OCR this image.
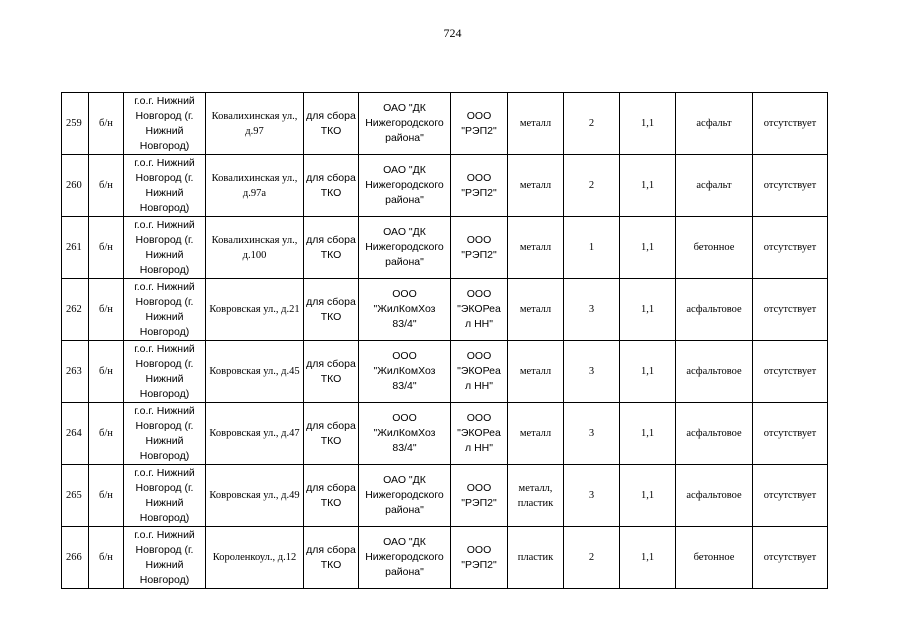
724
259	б/н	г.о.г. Нижний Новгород (г. Нижний Новгород)	Ковалихинская ул., д.97	для сбора ТКО	ОАО "ДК Нижегородского района"	ООО "РЭП2"	металл	2	1,1	асфальт	отсутствует
260	б/н	г.о.г. Нижний Новгород (г. Нижний Новгород)	Ковалихинская ул., д.97а	для сбора ТКО	ОАО "ДК Нижегородского района"	ООО "РЭП2"	металл	2	1,1	асфальт	отсутствует
261	б/н	г.о.г. Нижний Новгород (г. Нижний Новгород)	Ковалихинская ул., д.100	для сбора ТКО	ОАО "ДК Нижегородского района"	ООО "РЭП2"	металл	1	1,1	бетонное	отсутствует
262	б/н	г.о.г. Нижний Новгород (г. Нижний Новгород)	Ковровская ул., д.21	для сбора ТКО	ООО "ЖилКомХоз 83/4"	ООО "ЭКОРеа л НН"	металл	3	1,1	асфальтовое	отсутствует
263	б/н	г.о.г. Нижний Новгород (г. Нижний Новгород)	Ковровская ул., д.45	для сбора ТКО	ООО "ЖилКомХоз 83/4"	ООО "ЭКОРеа л НН"	металл	3	1,1	асфальтовое	отсутствует
264	б/н	г.о.г. Нижний Новгород (г. Нижний Новгород)	Ковровская ул., д.47	для сбора ТКО	ООО "ЖилКомХоз 83/4"	ООО "ЭКОРеа л НН"	металл	3	1,1	асфальтовое	отсутствует
265	б/н	г.о.г. Нижний Новгород (г. Нижний Новгород)	Ковровская ул., д.49	для сбора ТКО	ОАО "ДК Нижегородского района"	ООО "РЭП2"	металл, пластик	3	1,1	асфальтовое	отсутствует
266	б/н	г.о.г. Нижний Новгород (г. Нижний Новгород)	Короленкоул., д.12	для сбора ТКО	ОАО "ДК Нижегородского района"	ООО "РЭП2"	пластик	2	1,1	бетонное	отсутствует
